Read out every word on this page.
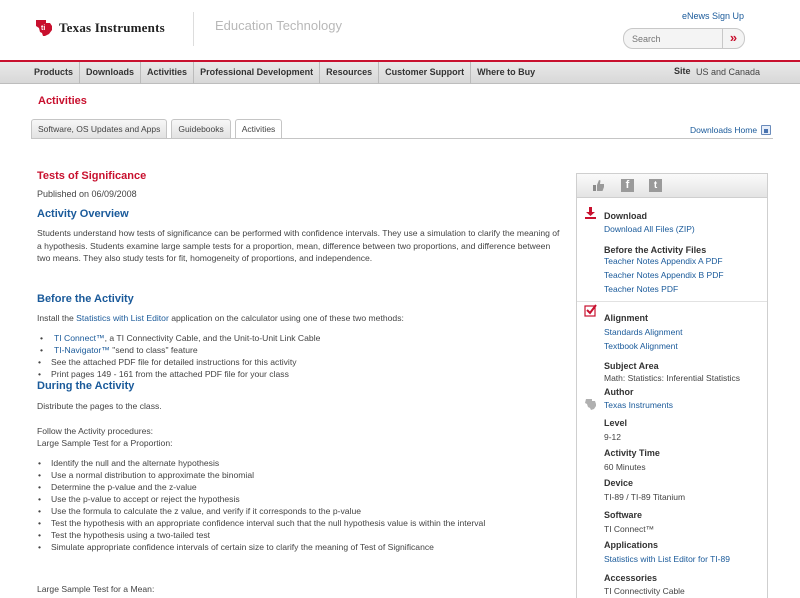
ti Texas Instruments	Education Technology
eNews Sign Up
Search
»
Products	Downloads	Activities	Professional Development	Resources	Customer Support	Where to Buy	Site US and Canada
Activities
Software, OS Updates and Apps	Guidebooks	Activities	Downloads Home
Tests of Significance
Published on 06/09/2008
Activity Overview
Students understand how tests of significance can be performed with confidence intervals. They use a simulation to clarify the meaning of a hypothesis. Students examine large sample tests for a proportion, mean, difference between two proportions, and difference between two means. They also study tests for fit, homogeneity of proportions, and independence.
Before the Activity
Install the Statistics with List Editor application on the calculator using one of these two methods:
• TI Connect™, a TI Connectivity Cable, and the Unit-to-Unit Link Cable
• TI-Navigator™ "send to class" feature
• See the attached PDF file for detailed instructions for this activity
• Print pages 149 - 161 from the attached PDF file for your class
During the Activity
Distribute the pages to the class.
Follow the Activity procedures:
Large Sample Test for a Proportion:
• Identify the null and the alternate hypothesis
• Use a normal distribution to approximate the binomial
• Determine the p-value and the z-value
• Use the p-value to accept or reject the hypothesis
• Use the formula to calculate the z value, and verify if it corresponds to the p-value
• Test the hypothesis with an appropriate confidence interval such that the null hypothesis value is within the interval
• Test the hypothesis using a two-tailed test
• Simulate appropriate confidence intervals of certain size to clarify the meaning of Test of Significance
Large Sample Test for a Mean:
f	t
Download
Download All Files (ZIP)
Before the Activity Files
Teacher Notes Appendix A PDF
Teacher Notes Appendix B PDF
Teacher Notes PDF
Alignment
Standards Alignment
Textbook Alignment
Subject Area
Math: Statistics: Inferential Statistics
Author
Texas Instruments
Level
9-12
Activity Time
60 Minutes
Device
TI-89 / TI-89 Titanium
Software
TI Connect™
Applications
Statistics with List Editor for TI-89
Accessories
TI Connectivity Cable
